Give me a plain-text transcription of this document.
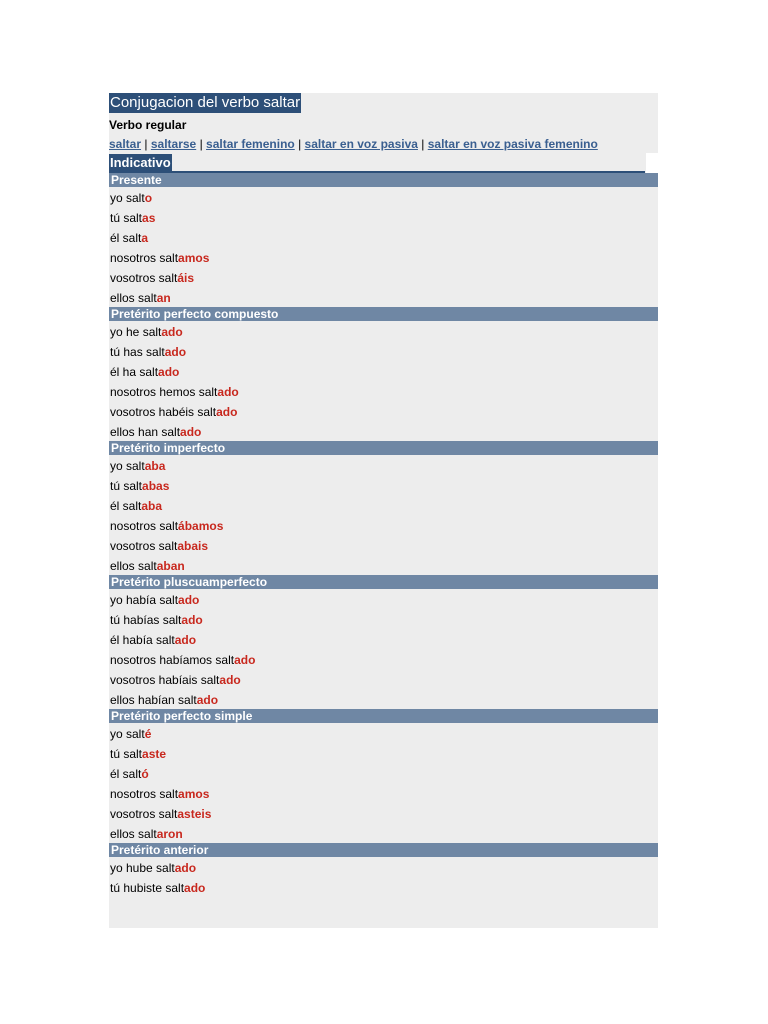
Conjugacion del verbo saltar
Verbo regular
saltar | saltarse | saltar femenino | saltar en voz pasiva | saltar en voz pasiva femenino
Indicativo
Presente
yo salto
tú saltas
él salta
nosotros saltamos
vosotros saltáis
ellos saltan
Pretérito perfecto compuesto
yo he saltado
tú has saltado
él ha saltado
nosotros hemos saltado
vosotros habéis saltado
ellos han saltado
Pretérito imperfecto
yo saltaba
tú saltabas
él saltaba
nosotros saltábamos
vosotros saltabais
ellos saltaban
Pretérito pluscuamperfecto
yo había saltado
tú habías saltado
él había saltado
nosotros habíamos saltado
vosotros habíais saltado
ellos habían saltado
Pretérito perfecto simple
yo salté
tú saltaste
él saltó
nosotros saltamos
vosotros saltasteis
ellos saltaron
Pretérito anterior
yo hube saltado
tú hubiste saltado
